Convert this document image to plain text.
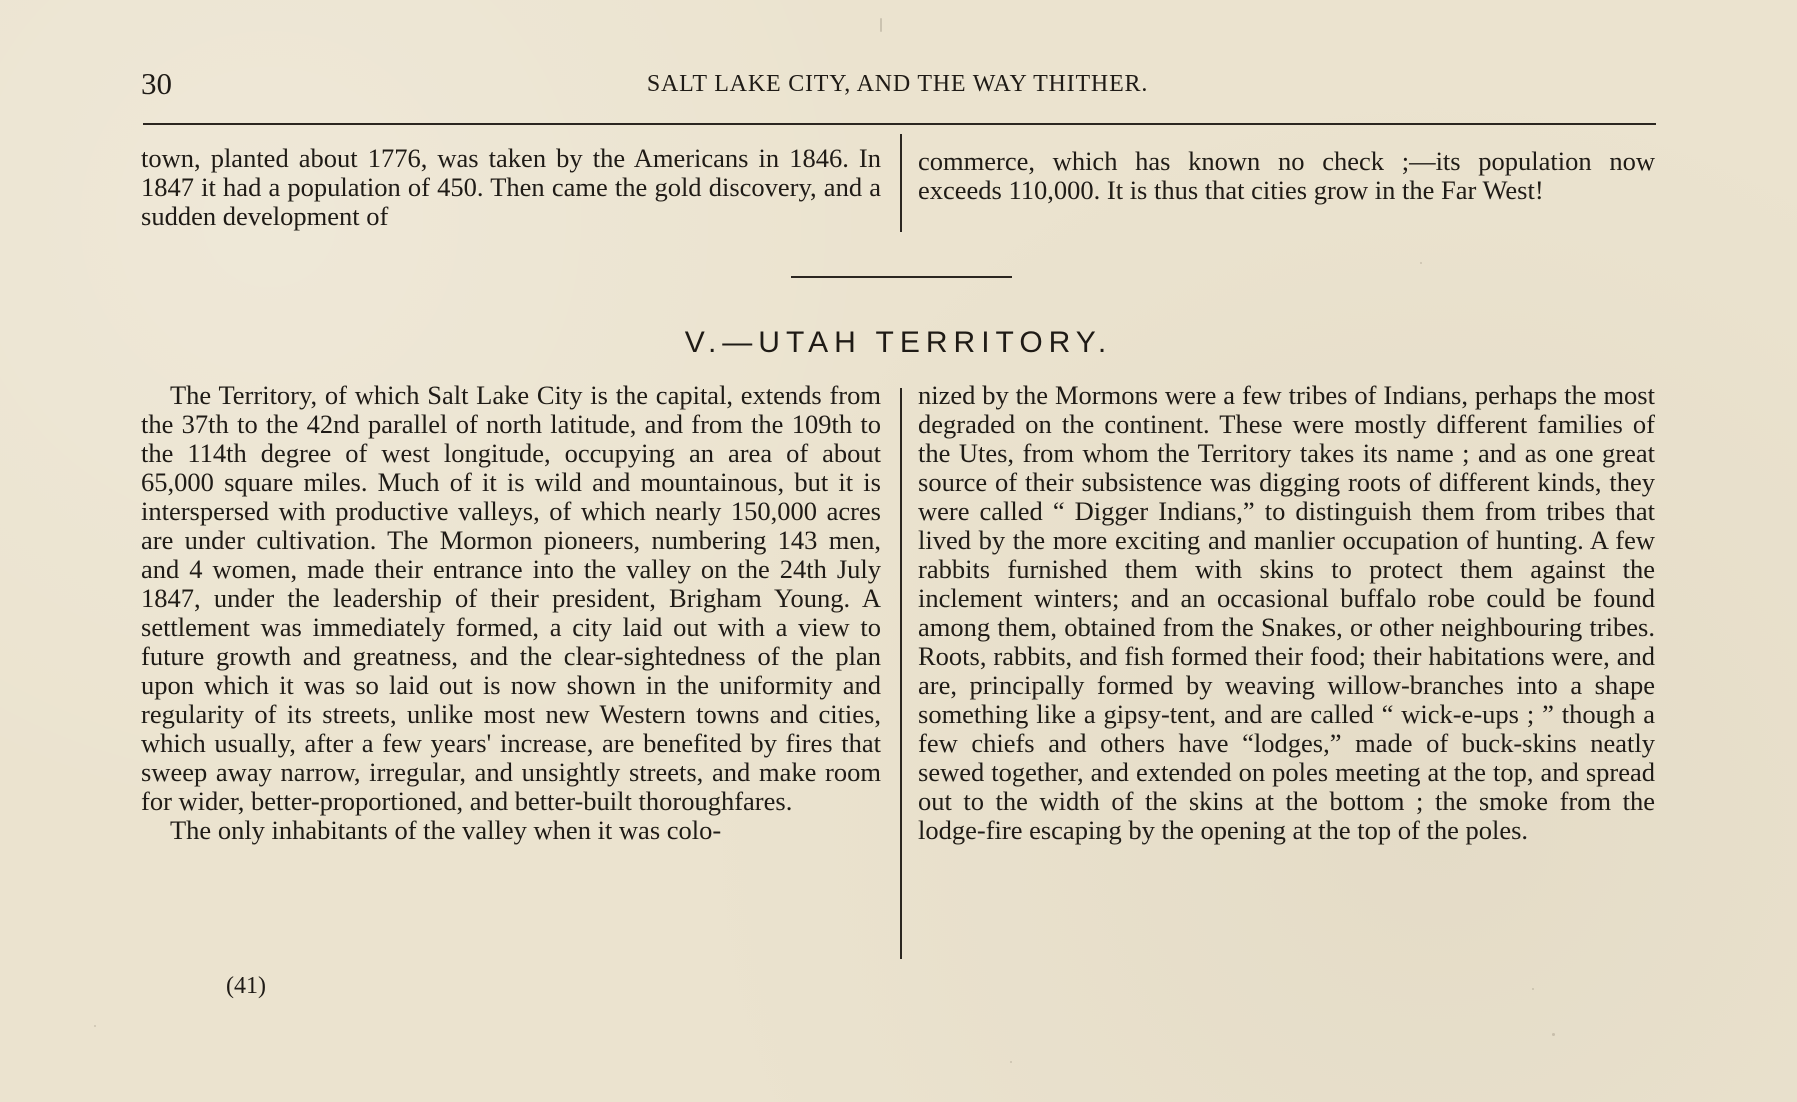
30	SALT LAKE CITY, AND THE WAY THITHER.

town, planted about 1776, was taken by the Americans in 1846. In 1847 it had a population of 450. Then came the gold discovery, and a sudden development of

commerce, which has known no check ;—its population now exceeds 110,000. It is thus that cities grow in the Far West!

V.—UTAH TERRITORY.

The Territory, of which Salt Lake City is the capital, extends from the 37th to the 42nd parallel of north latitude, and from the 109th to the 114th degree of west longitude, occupying an area of about 65,000 square miles. Much of it is wild and mountainous, but it is interspersed with productive valleys, of which nearly 150,000 acres are under cultivation. The Mormon pioneers, numbering 143 men, and 4 women, made their entrance into the valley on the 24th July 1847, under the leadership of their president, Brigham Young. A settlement was immediately formed, a city laid out with a view to future growth and greatness, and the clear-sightedness of the plan upon which it was so laid out is now shown in the uniformity and regularity of its streets, unlike most new Western towns and cities, which usually, after a few years' increase, are benefited by fires that sweep away narrow, irregular, and unsightly streets, and make room for wider, better-proportioned, and better-built thoroughfares.

The only inhabitants of the valley when it was colo-

nized by the Mormons were a few tribes of Indians, perhaps the most degraded on the continent. These were mostly different families of the Utes, from whom the Territory takes its name ; and as one great source of their subsistence was digging roots of different kinds, they were called “ Digger Indians,” to distinguish them from tribes that lived by the more exciting and manlier occupation of hunting. A few rabbits furnished them with skins to protect them against the inclement winters; and an occasional buffalo robe could be found among them, obtained from the Snakes, or other neighbouring tribes. Roots, rabbits, and fish formed their food; their habitations were, and are, principally formed by weaving willow-branches into a shape something like a gipsy-tent, and are called “ wick-e-ups ; ” though a few chiefs and others have “lodges,” made of buck-skins neatly sewed together, and extended on poles meeting at the top, and spread out to the width of the skins at the bottom ; the smoke from the lodge-fire escaping by the opening at the top of the poles.

(41)
